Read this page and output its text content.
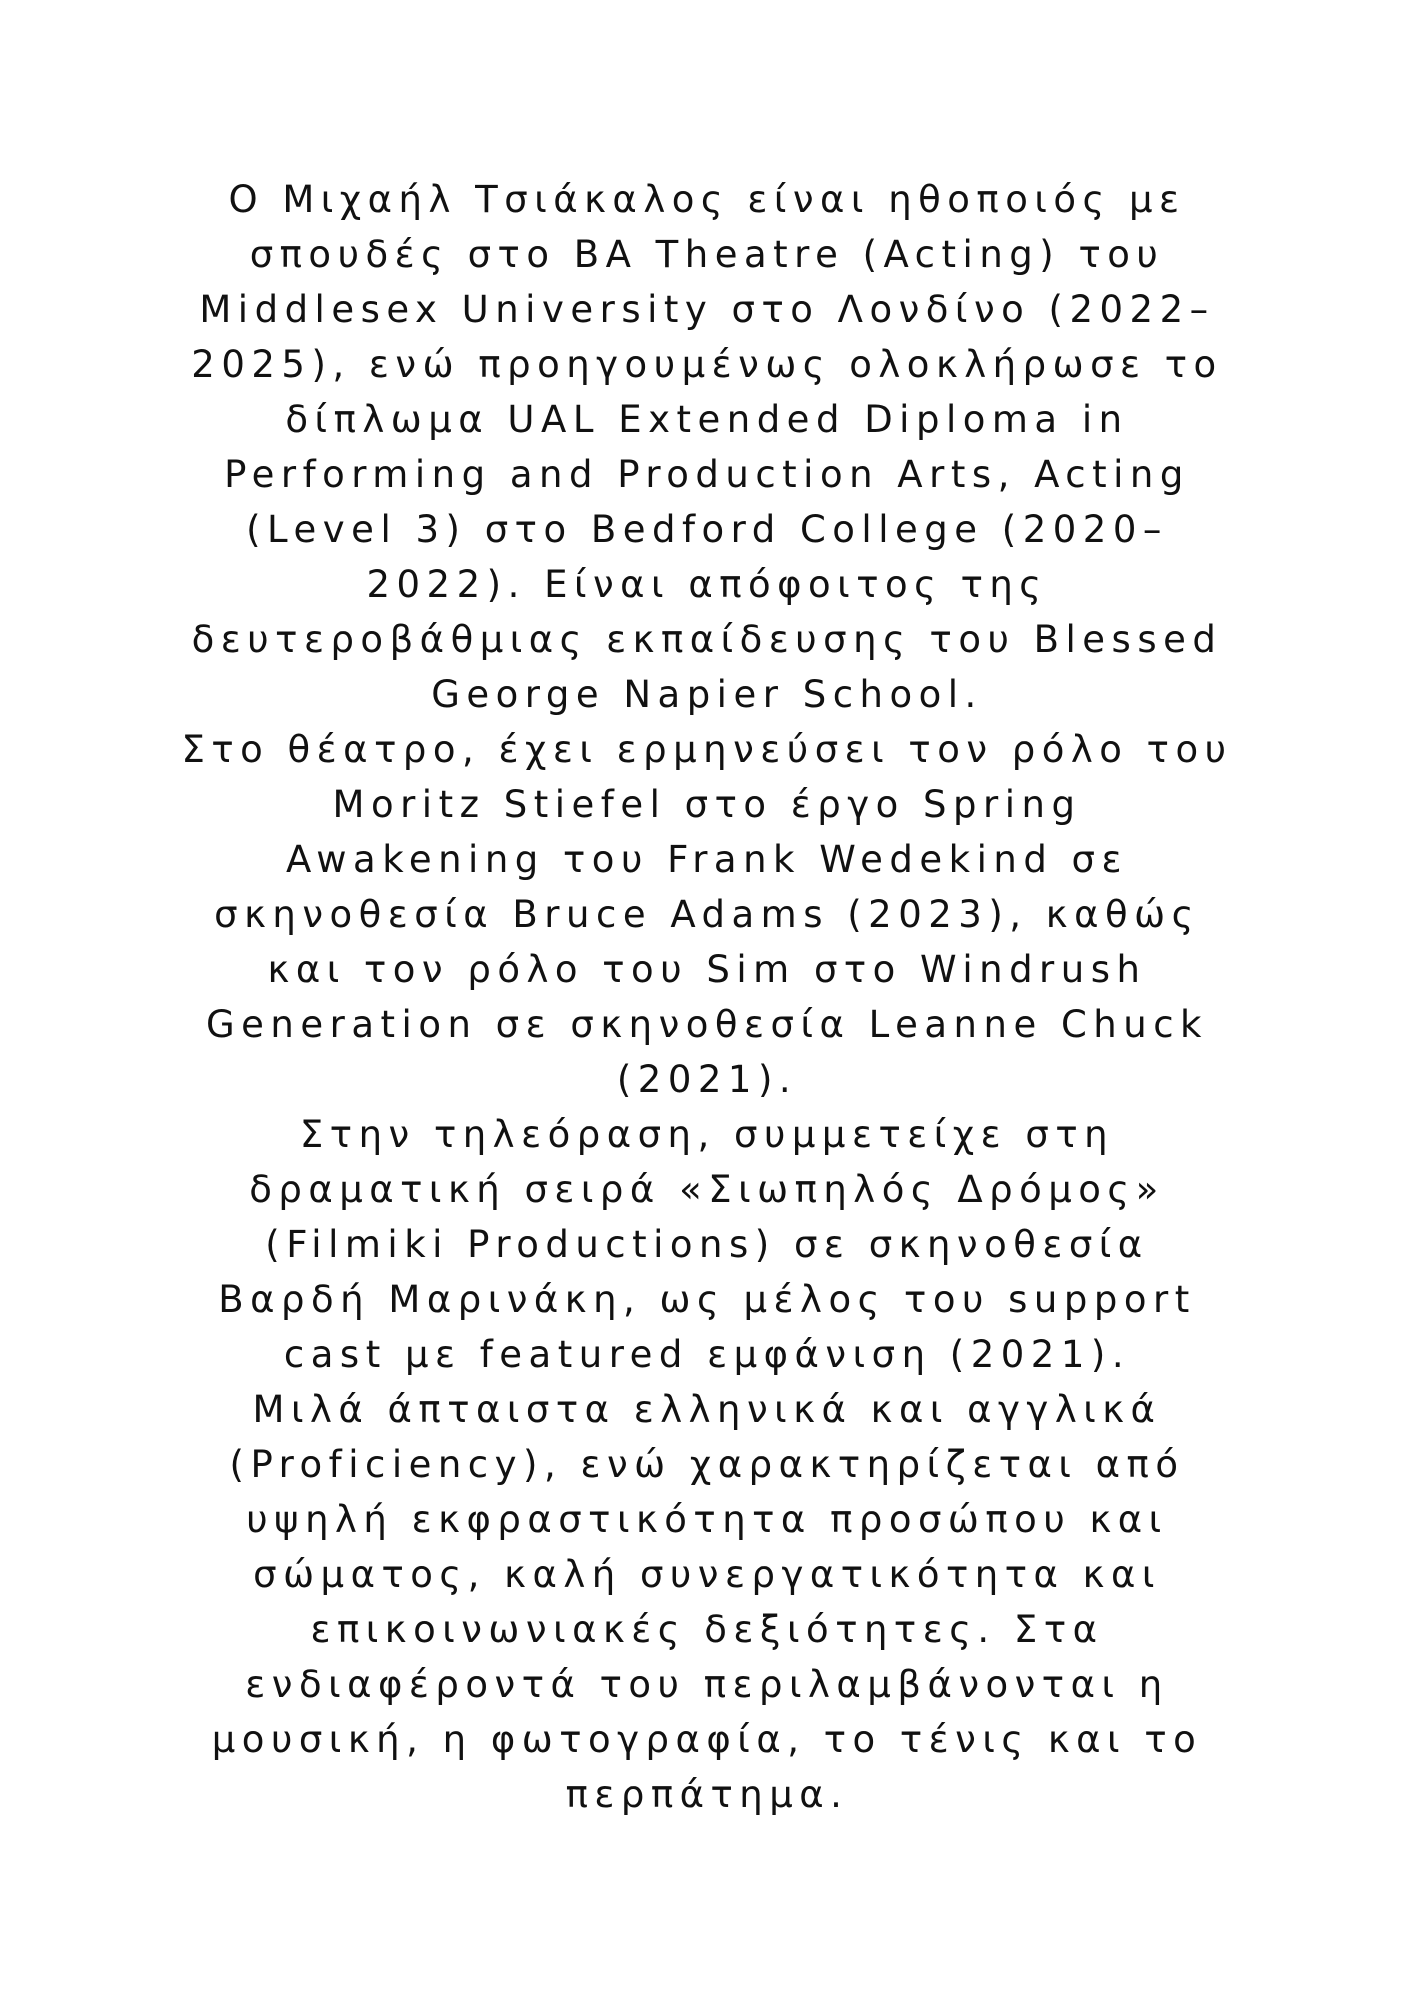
Ο Μιχαήλ Τσιάκαλος είναι ηθοποιός με
σπουδές στο BA Theatre (Acting) του
Middlesex University στο Λονδίνο (2022–
2025), ενώ προηγουμένως ολοκλήρωσε το
δίπλωμα UAL Extended Diploma in
Performing and Production Arts, Acting
(Level 3) στο Bedford College (2020–
2022). Είναι απόφοιτος της
δευτεροβάθμιας εκπαίδευσης του Blessed
George Napier School.
Στο θέατρο, έχει ερμηνεύσει τον ρόλο του
Moritz Stiefel στο έργο Spring
Awakening του Frank Wedekind σε
σκηνοθεσία Bruce Adams (2023), καθώς
και τον ρόλο του Sim στο Windrush
Generation σε σκηνοθεσία Leanne Chuck
(2021).
Στην τηλεόραση, συμμετείχε στη
δραματική σειρά «Σιωπηλός Δρόμος»
(Filmiki Productions) σε σκηνοθεσία
Βαρδή Μαρινάκη, ως μέλος του support
cast με featured εμφάνιση (2021).
Μιλά άπταιστα ελληνικά και αγγλικά
(Proficiency), ενώ χαρακτηρίζεται από
υψηλή εκφραστικότητα προσώπου και
σώματος, καλή συνεργατικότητα και
επικοινωνιακές δεξιότητες. Στα
ενδιαφέροντά του περιλαμβάνονται η
μουσική, η φωτογραφία, το τένις και το
περπάτημα.
